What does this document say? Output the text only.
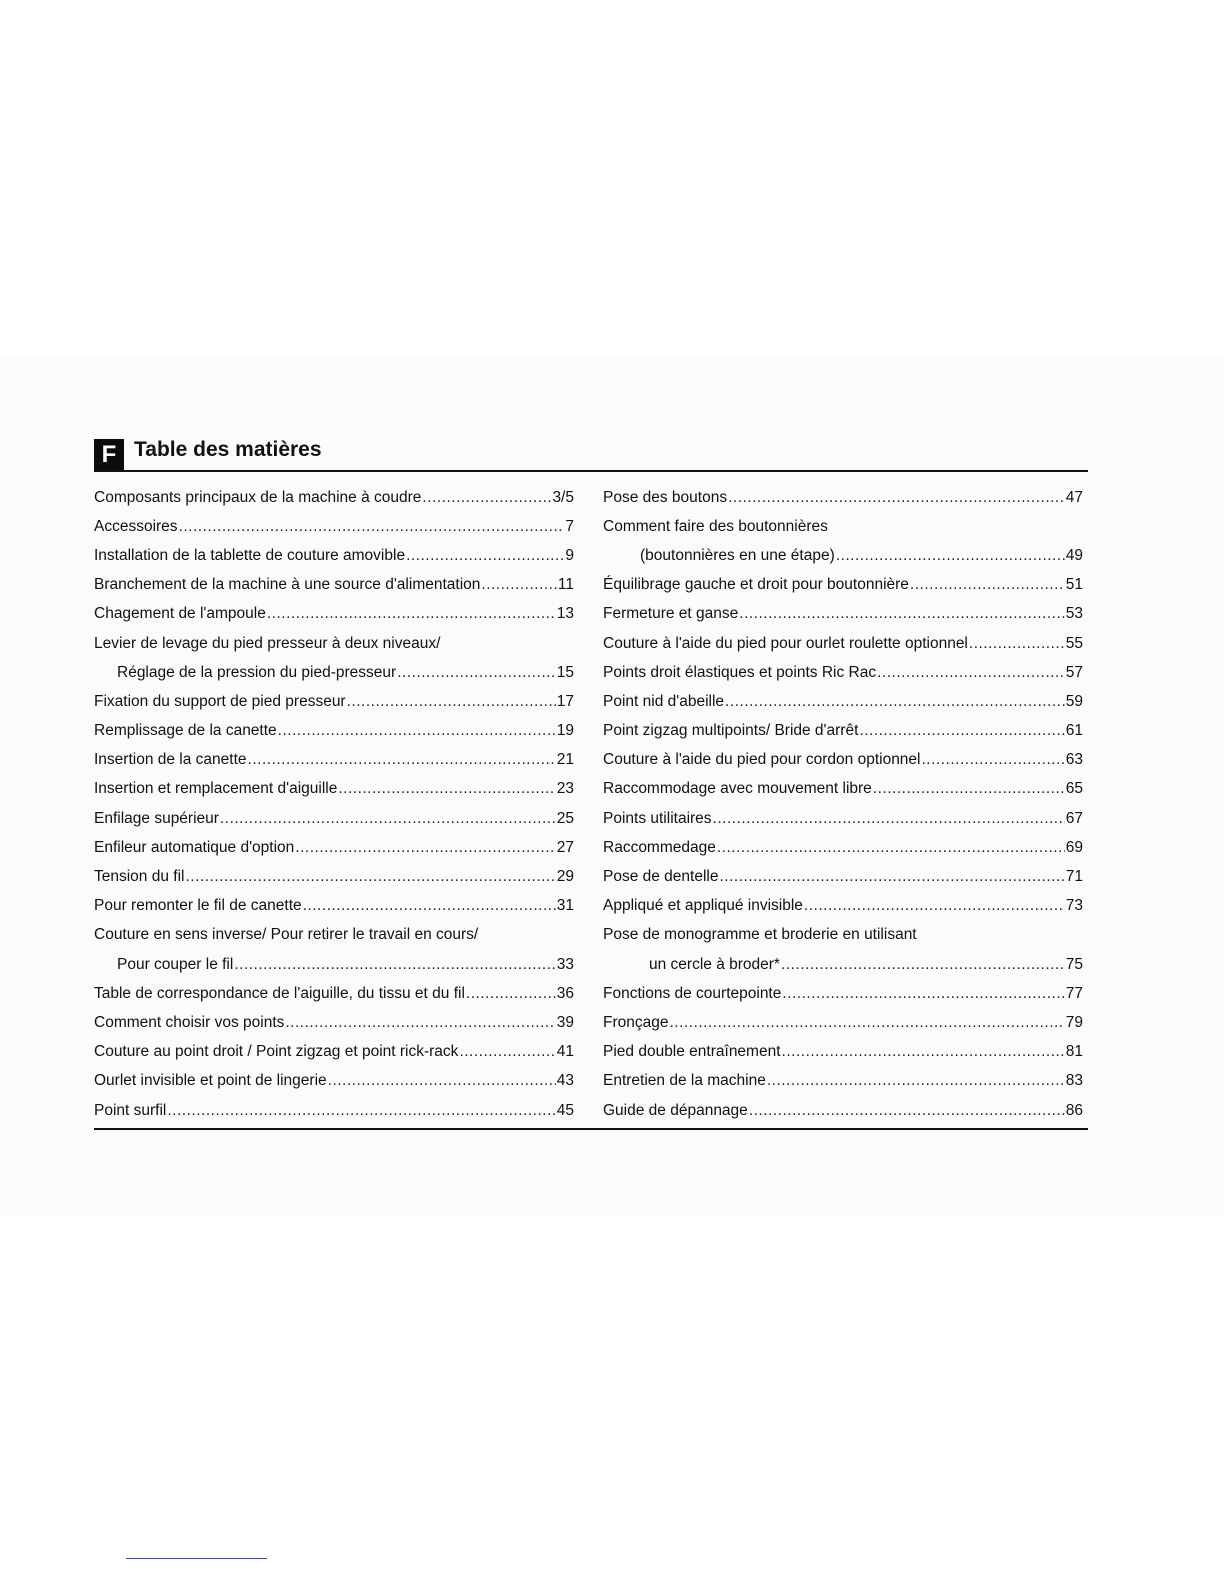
F Table des matières
Composants principaux de la machine à coudre .....	3/5
Accessoires .....	7
Installation de la tablette de couture amovible .....	9
Branchement de la machine à une source d'alimentation .....	11
Chagement de l'ampoule .....	13
Levier de levage du pied presseur à deux niveaux/
Réglage de la pression du pied-presseur .....	15
Fixation du support de pied presseur .....	17
Remplissage de la canette .....	19
Insertion de la canette .....	21
Insertion et remplacement d'aiguille .....	23
Enfilage supérieur .....	25
Enfileur automatique d'option .....	27
Tension du fil .....	29
Pour remonter le fil de canette .....	31
Couture en sens inverse/ Pour retirer le travail en cours/
Pour couper le fil .....	33
Table de correspondance de l'aiguille, du tissu et du fil .....	36
Comment choisir vos points .....	39
Couture au point droit / Point zigzag et point rick-rack .....	41
Ourlet invisible et point de lingerie .....	43
Point surfil .....	45
Pose des boutons .....	47
Comment faire des boutonnières
(boutonnières en une étape) .....	49
Équilibrage gauche et droit pour boutonnière .....	51
Fermeture et ganse .....	53
Couture à l'aide du pied pour ourlet roulette optionnel .....	55
Points droit élastiques et points Ric Rac .....	57
Point nid d'abeille .....	59
Point zigzag multipoints/ Bride d'arrêt .....	61
Couture à l'aide du pied pour cordon optionnel .....	63
Raccommodage avec mouvement libre .....	65
Points utilitaires .....	67
Raccommedage .....	69
Pose de dentelle .....	71
Appliqué et appliqué invisible .....	73
Pose de monogramme et broderie en utilisant
un cercle à broder* .....	75
Fonctions de courtepointe .....	77
Fronçage .....	79
Pied double entraînement .....	81
Entretien de la machine .....	83
Guide de dépannage .....	86
